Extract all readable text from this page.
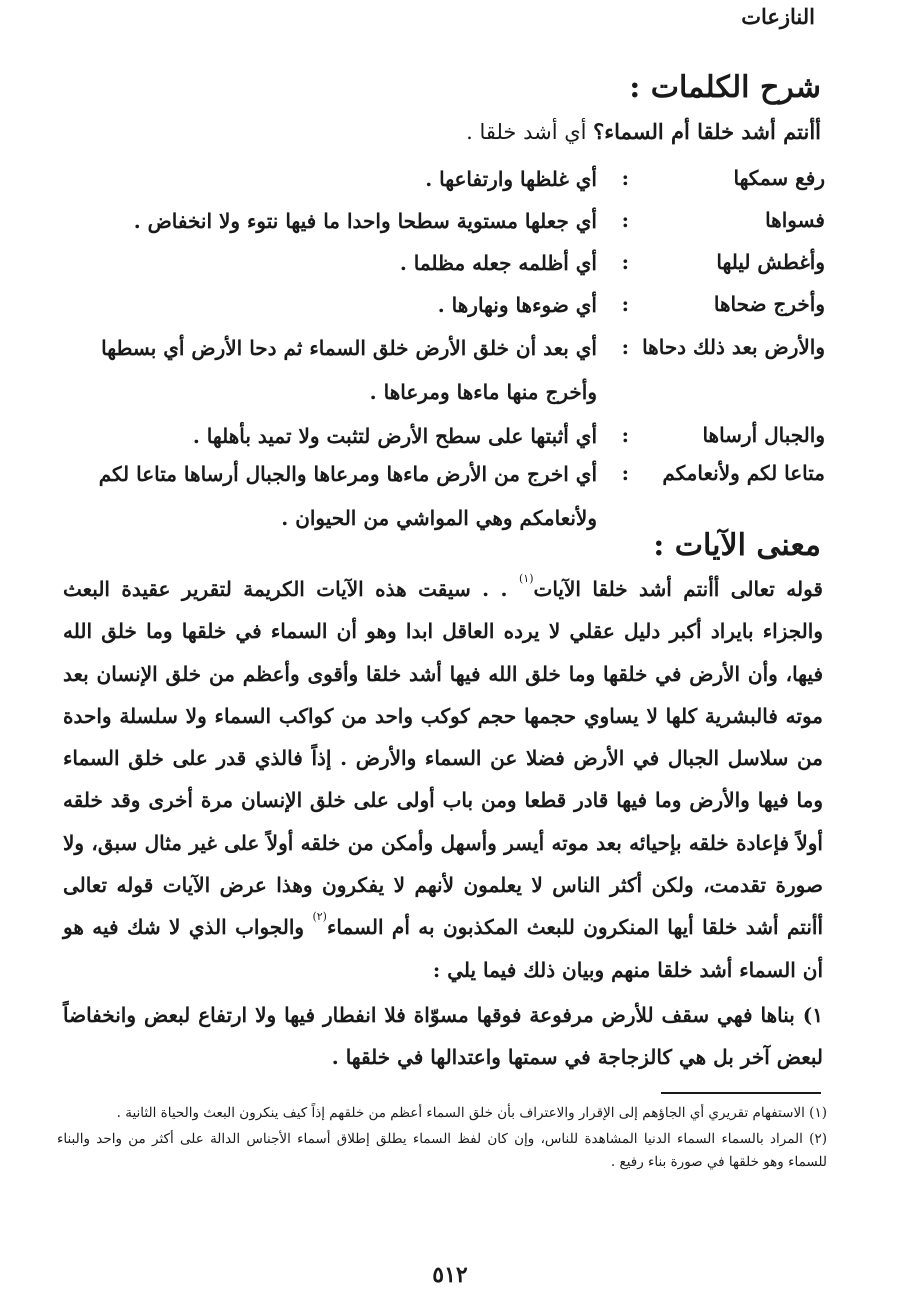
النازعات
شرح الكلمات :
أأنتم أشد خلقا أم السماء؟ أي أشد خلقا .
رفع سمكها
:
أي غلظها وارتفاعها .
فسواها
:
أي جعلها مستوية سطحا واحدا ما فيها نتوء ولا انخفاض .
وأغطش ليلها
:
أي أظلمه جعله مظلما .
وأخرج ضحاها
:
أي ضوءها ونهارها .
والأرض بعد ذلك دحاها
:
أي بعد أن خلق الأرض خلق السماء ثم دحا الأرض أي بسطها وأخرج منها ماءها ومرعاها .
والجبال أرساها
:
أي أثبتها على سطح الأرض لتثبت ولا تميد بأهلها .
متاعا لكم ولأنعامكم
:
أي اخرج من الأرض ماءها ومرعاها والجبال أرساها متاعا لكم ولأنعامكم وهي المواشي من الحيوان .
معنى الآيات :

قوله تعالى أأنتم أشد خلقا الآيات$^{(١)}$ . . سيقت هذه الآيات الكريمة لتقرير عقيدة البعث والجزاء بايراد أكبر دليل عقلي لا يرده العاقل ابدا وهو أن السماء في خلقها وما خلق الله فيها، وأن الأرض في خلقها وما خلق الله فيها أشد خلقا وأقوى وأعظم من خلق الإنسان بعد موته فالبشرية كلها لا يساوي حجمها حجم كوكب واحد من كواكب السماء ولا سلسلة واحدة من سلاسل الجبال في الأرض فضلا عن السماء والأرض . إذاً فالذي قدر على خلق السماء وما فيها والأرض وما فيها قادر قطعا ومن باب أولى على خلق الإنسان مرة أخرى وقد خلقه أولاً فإعادة خلقه بإحيائه بعد موته أيسر وأسهل وأمكن من خلقه أولاً على غير مثال سبق، ولا صورة تقدمت، ولكن أكثر الناس لا يعلمون لأنهم لا يفكرون وهذا عرض الآيات قوله تعالى أأنتم أشد خلقا أيها المنكرون للبعث المكذبون به أم السماء$^{(٢)}$ والجواب الذي لا شك فيه هو أن السماء أشد خلقا منهم وبيان ذلك فيما يلي :

١) بناها فهي سقف للأرض مرفوعة فوقها مسوّاة فلا انفطار فيها ولا ارتفاع لبعض وانخفاضاً لبعض آخر بل هي كالزجاجة في سمتها واعتدالها في خلقها .

(١) الاستفهام تقريري أي الجاؤهم إلى الإقرار والاعتراف بأن خلق السماء أعظم من خلقهم إذاً كيف ينكرون البعث والحياة الثانية .

(٢) المراد بالسماء السماء الدنيا المشاهدة للناس، وإن كان لفظ السماء يطلق إطلاق أسماء الأجناس الدالة على أكثر من واحد والبناء للسماء وهو خلقها في صورة بناء رفيع .

٥١٢
